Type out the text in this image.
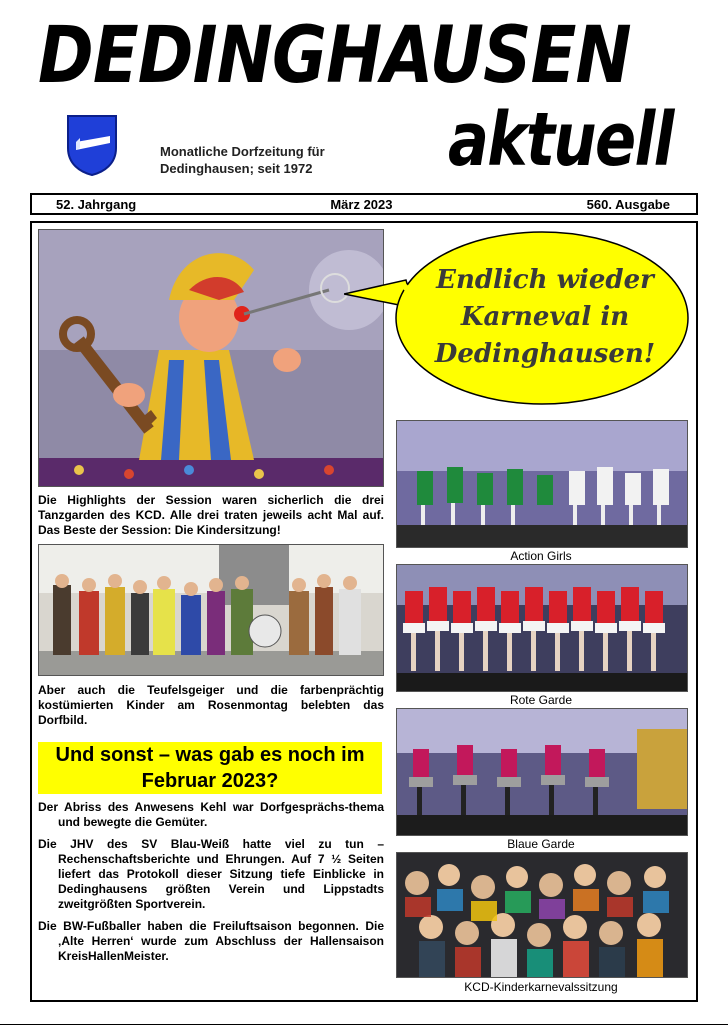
DEDINGHAUSEN
aktuell
Monatliche Dorfzeitung für
Dedinghausen; seit 1972
52. Jahrgang	März 2023	560. Ausgabe
Endlich wieder
Karneval in
Dedinghausen!
Die Highlights der Session waren sicherlich die drei Tanzgarden des KCD. Alle drei traten jeweils acht Mal auf. Das Beste der Session: Die Kindersitzung!
Aber auch die Teufelsgeiger und die farbenprächtig kostümierten Kinder am Rosenmontag belebten das Dorfbild.
Und sonst – was gab es noch im
Februar 2023?

Der Abriss des Anwesens Kehl war Dorfgesprächs-thema und bewegte die Gemüter.

Die JHV des SV Blau-Weiß hatte viel zu tun – Rechenschaftsberichte und Ehrungen. Auf 7 ½ Seiten liefert das Protokoll dieser Sitzung tiefe Einblicke in Dedinghausens größten Verein und Lippstadts zweitgrößten Sportverein.

Die BW-Fußballer haben die Freiluftsaison begonnen. Die ‚Alte Herren‘ wurde zum Abschluss der Hallensaison KreisHallenMeister.

Action Girls
Rote Garde
Blaue Garde
KCD-Kinderkarnevalssitzung
